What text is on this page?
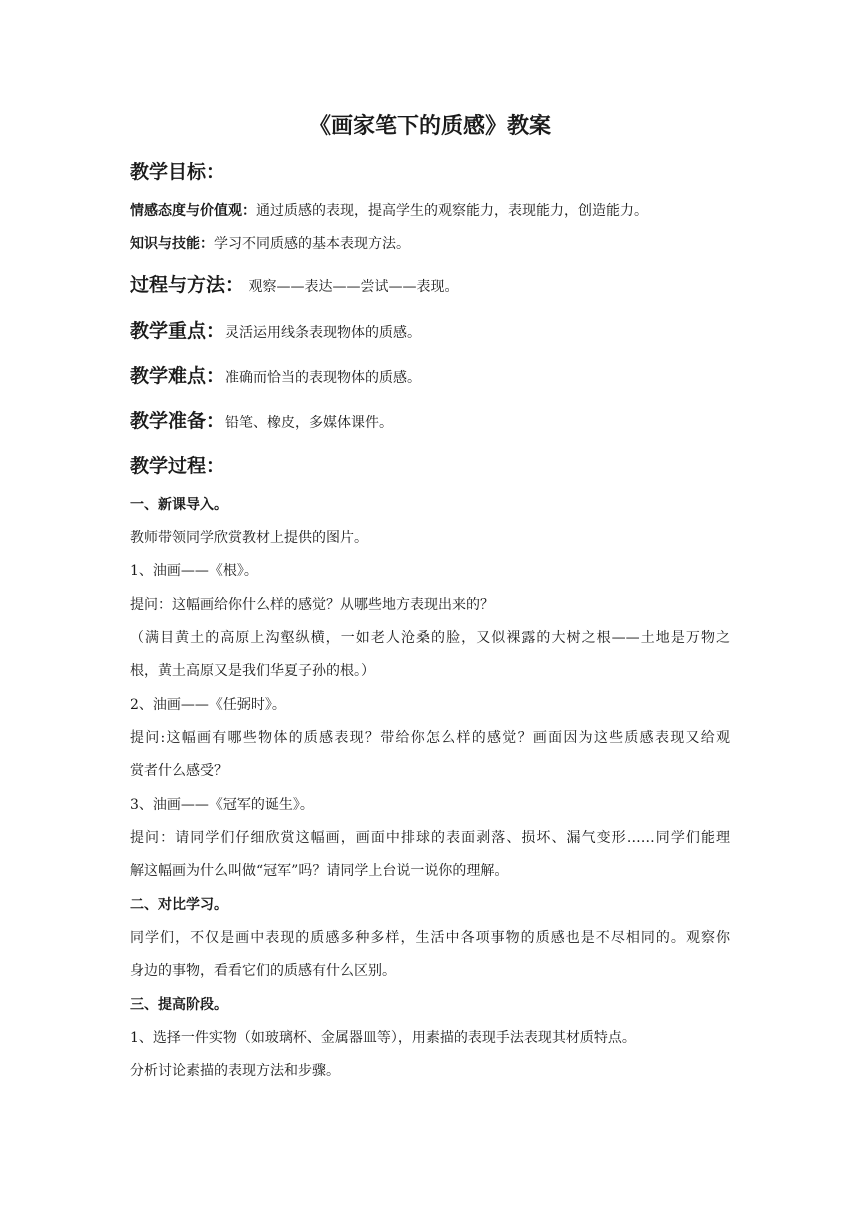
《画家笔下的质感》教案
教学目标：
情感态度与价值观：通过质感的表现，提高学生的观察能力，表现能力，创造能力。
知识与技能：学习不同质感的基本表现方法。
过程与方法： 观察——表达——尝试——表现。
教学重点：灵活运用线条表现物体的质感。
教学难点：准确而恰当的表现物体的质感。
教学准备：铅笔、橡皮，多媒体课件。
教学过程：
一、新课导入。
教师带领同学欣赏教材上提供的图片。
1、油画——《根》。
提问：这幅画给你什么样的感觉？从哪些地方表现出来的？
（满目黄土的高原上沟壑纵横，一如老人沧桑的脸，又似裸露的大树之根——土地是万物之
根，黄土高原又是我们华夏子孙的根。）
2、油画——《任弼时》。
提问:这幅画有哪些物体的质感表现？带给你怎么样的感觉？画面因为这些质感表现又给观
赏者什么感受？
3、油画——《冠军的诞生》。
提问：请同学们仔细欣赏这幅画，画面中排球的表面剥落、损坏、漏气变形……同学们能理
解这幅画为什么叫做“冠军”吗？请同学上台说一说你的理解。
二、对比学习。
同学们，不仅是画中表现的质感多种多样，生活中各项事物的质感也是不尽相同的。观察你
身边的事物，看看它们的质感有什么区别。
三、提高阶段。
1、选择一件实物（如玻璃杯、金属器皿等），用素描的表现手法表现其材质特点。
分析讨论素描的表现方法和步骤。
